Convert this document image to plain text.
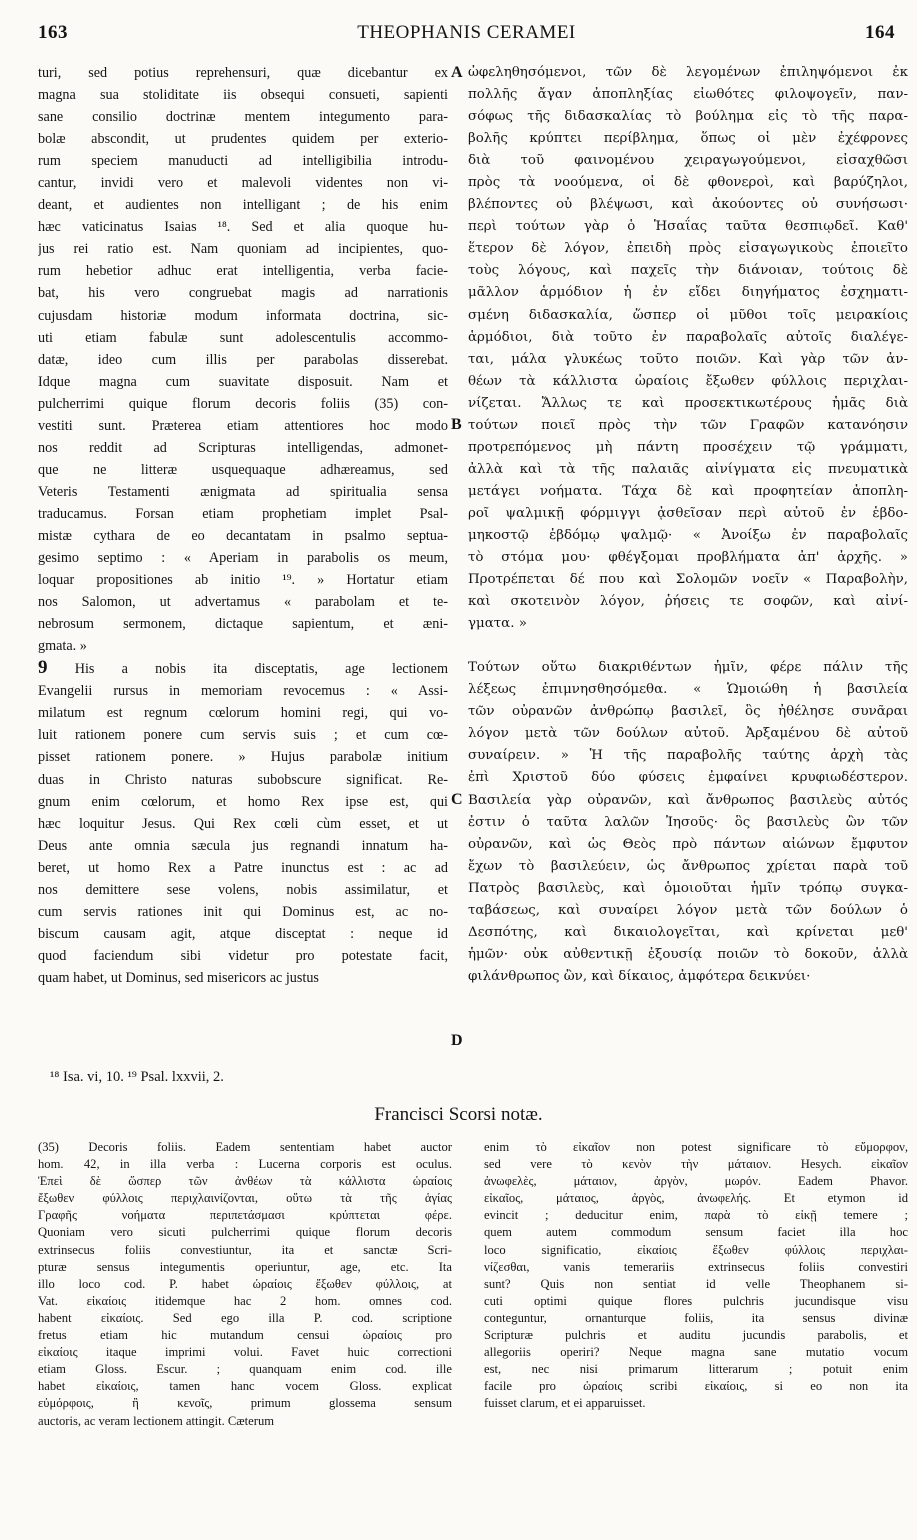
163	THEOPHANIS CERAMEI	164
turi, sed potius reprehensuri, quæ dicebantur ex
magna sua stoliditate iis obsequi consueti, sapienti
sane consilio doctrinæ mentem integumento para-
bolæ abscondit, ut prudentes quidem per exterio-
rum speciem manuducti ad intelligibilia introdu-
cantur, invidi vero et malevoli videntes non vi-
deant, et audientes non intelligant ; de his enim
hæc vaticinatus Isaias ¹⁸. Sed et alia quoque hu-
jus rei ratio est. Nam quoniam ad incipientes, quo-
rum hebetior adhuc erat intelligentia, verba facie-
bat, his vero congruebat magis ad narrationis
cujusdam historiæ modum informata doctrina, sic-
uti etiam fabulæ sunt adolescentulis accommo-
datæ, ideo cum illis per parabolas disserebat.
Idque magna cum suavitate disposuit. Nam et
pulcherrimi quique florum decoris foliis (35) con-
vestiti sunt. Præterea etiam attentiores hoc modo
nos reddit ad Scripturas intelligendas, admonet-
que ne litteræ usquequaque adhæreamus, sed
Veteris Testamenti ænigmata ad spiritualia sensa
traducamus. Forsan etiam prophetiam implet Psal-
mistæ cythara de eo decantatam in psalmo septua-
gesimo septimo : « Aperiam in parabolis os meum,
loquar propositiones ab initio ¹⁹. » Hortatur etiam
nos Salomon, ut advertamus « parabolam et te-
nebrosum sermonem, dictaque sapientum, et æni-
gmata. »
9 His a nobis ita disceptatis, age lectionem
Evangelii rursus in memoriam revocemus : « Assi-
milatum est regnum cœlorum homini regi, qui vo-
luit rationem ponere cum servis suis ; et cum cœ-
pisset rationem ponere. » Hujus parabolæ initium
duas in Christo naturas subobscure significat. Re-
gnum enim cœlorum, et homo Rex ipse est, qui
hæc loquitur Jesus. Qui Rex cœli cùm esset, et ut
Deus ante omnia sæcula jus regnandi innatum ha-
beret, ut homo Rex a Patre inunctus est : ac ad
nos demittere sese volens, nobis assimilatur, et
cum servis rationes init qui Dominus est, ac no-
biscum causam agit, atque disceptat : neque id
quod faciendum sibi videtur pro potestate facit,
quam habet, ut Dominus, sed misericors ac justus
ὠφεληθησόμενοι, τῶν δὲ λεγομένων ἐπιληψόμενοι ἐκ
πολλῆς ἄγαν ἀποπληξίας εἰωθότες φιλοψογεῖν, παν-
σόφως τῆς διδασκαλίας τὸ βούλημα εἰς τὸ τῆς παρα-
βολῆς κρύπτει περίβλημα, ὅπως οἱ μὲν ἐχέφρονες
διὰ τοῦ φαινομένου χειραγωγούμενοι, εἰσαχθῶσι
πρὸς τὰ νοούμενα, οἱ δὲ φθονεροὶ, καὶ βαρύζηλοι,
βλέποντες οὐ βλέψωσι, καὶ ἀκούοντες οὐ συνήσωσι·
περὶ τούτων γὰρ ὁ Ἡσαΐας ταῦτα θεσπιῳδεῖ. Καθ'
ἕτερον δὲ λόγον, ἐπειδὴ πρὸς εἰσαγωγικοὺς ἐποιεῖτο
τοὺς λόγους, καὶ παχεῖς τὴν διάνοιαν, τούτοις δὲ
μᾶλλον ἁρμόδιον ἡ ἐν εἴδει διηγήματος ἐσχηματι-
σμένη διδασκαλία, ὥσπερ οἱ μῦθοι τοῖς μειρακίοις
ἁρμόδιοι, διὰ τοῦτο ἐν παραβολαῖς αὐτοῖς διαλέγε-
ται, μάλα γλυκέως τοῦτο ποιῶν. Καὶ γὰρ τῶν ἀν-
θέων τὰ κάλλιστα ὡραίοις ἔξωθεν φύλλοις περιχλαι-
νίζεται. Ἄλλως τε καὶ προσεκτικωτέρους ἡμᾶς διὰ
τούτων ποιεῖ πρὸς τὴν τῶν Γραφῶν κατανόησιν
προτρεπόμενος μὴ πάντη προσέχειν τῷ γράμματι,
ἀλλὰ καὶ τὰ τῆς παλαιᾶς αἰνίγματα εἰς πνευματικὰ
μετάγει νοήματα. Τάχα δὲ καὶ προφητείαν ἀποπλη-
ροῖ ψαλμικῇ φόρμιγγι ᾀσθεῖσαν περὶ αὐτοῦ ἐν ἑβδο-
μηκοστῷ ἑβδόμῳ ψαλμῷ· « Ἀνοίξω ἐν παραβολαῖς
τὸ στόμα μου· φθέγξομαι προβλήματα ἀπ' ἀρχῆς. »
Προτρέπεται δέ που καὶ Σολομῶν νοεῖν « Παραβολὴν,
καὶ σκοτεινὸν λόγον, ῥήσεις τε σοφῶν, καὶ αἰνί-
γματα. »
Τούτων οὕτω διακριθέντων ἡμῖν, φέρε πάλιν τῆς
λέξεως ἐπιμνησθησόμεθα. « Ὡμοιώθη ἡ βασιλεία
τῶν οὐρανῶν ἀνθρώπῳ βασιλεῖ, ὃς ἠθέλησε συνᾶραι
λόγον μετὰ τῶν δούλων αὐτοῦ. Ἀρξαμένου δὲ αὐτοῦ
συναίρειν. » Ἡ τῆς παραβολῆς ταύτης ἀρχὴ τὰς
ἐπὶ Χριστοῦ δύο φύσεις ἐμφαίνει κρυφιωδέστερον.
Βασιλεία γὰρ οὐρανῶν, καὶ ἄνθρωπος βασιλεὺς αὐτός
ἐστιν ὁ ταῦτα λαλῶν Ἰησοῦς· ὃς βασιλεὺς ὢν τῶν
οὐρανῶν, καὶ ὡς Θεὸς πρὸ πάντων αἰώνων ἔμφυτον
ἔχων τὸ βασιλεύειν, ὡς ἄνθρωπος χρίεται παρὰ τοῦ
Πατρὸς βασιλεὺς, καὶ ὁμοιοῦται ἡμῖν τρόπῳ συγκα-
ταβάσεως, καὶ συναίρει λόγον μετὰ τῶν δούλων ὁ
Δεσπότης, καὶ δικαιολογεῖται, καὶ κρίνεται μεθ'
ἡμῶν· οὐκ αὐθεντικῇ ἐξουσίᾳ ποιῶν τὸ δοκοῦν, ἀλλὰ
φιλάνθρωπος ὢν, καὶ δίκαιος, ἀμφότερα δεικνύει·
A
B
C
D
¹⁸ Isa. vi, 10. ¹⁹ Psal. lxxvii, 2.
Francisci Scorsi notæ.
(35) Decoris foliis. Eadem sententiam habet auctor
hom. 42, in illa verba : Lucerna corporis est oculus.
Ἐπεὶ δὲ ὥσπερ τῶν ἀνθέων τὰ κάλλιστα ὡραίοις
ἔξωθεν φύλλοις περιχλαινίζονται, οὕτω τὰ τῆς ἁγίας
Γραφῆς νοήματα περιπετάσμασι κρύπτεται φέρε.
Quoniam vero sicuti pulcherrimi quique florum decoris
extrinsecus foliis convestiuntur, ita et sanctæ Scri-
pturæ sensus integumentis operiuntur, age, etc. Ita
illo loco cod. P. habet ὡραίοις ἔξωθεν φύλλοις, at
Vat. εἰκαίοις itidemque hac 2 hom. omnes cod.
habent εἰκαίοις. Sed ego illa P. cod. scriptione
fretus etiam hic mutandum censui ὡραίοις pro
εἰκαίοις itaque imprimi volui. Favet huic correctioni
etiam Gloss. Escur. ; quanquam enim cod. ille
habet εἰκαίοις, tamen hanc vocem Gloss. explicat
εὐμόρφοις, ἢ κενοῖς, primum glossema sensum
auctoris, ac veram lectionem attingit. Cæterum
enim τὸ εἰκαῖον non potest significare τὸ εὔμορφον,
sed vere τὸ κενὸν τὴν μάταιον. Hesych. εἰκαῖον
ἀνωφελὲς, μάταιον, ἀργὸν, μωρόν. Eadem Phavor.
εἰκαῖος, μάταιος, ἀργὸς, ἀνωφελής. Et etymon id
evincit ; deducitur enim, παρὰ τὸ εἰκῇ temere ;
quem autem commodum sensum faciet illa hoc
loco significatio, εἰκαίοις ἔξωθεν φύλλοις περιχλαι-
νίζεσθαι, vanis temerariis extrinsecus foliis convestiri
sunt? Quis non sentiat id velle Theophanem si-
cuti optimi quique flores pulchris jucundisque visu
conteguntur, ornanturque foliis, ita sensus divinæ
Scripturæ pulchris et auditu jucundis parabolis, et
allegoriis operiri? Neque magna sane mutatio vocum
est, nec nisi primarum litterarum ; potuit enim
facile pro ὡραίοις scribi εἰκαίοις, si eo non ita
fuisset clarum, et ei apparuisset.
